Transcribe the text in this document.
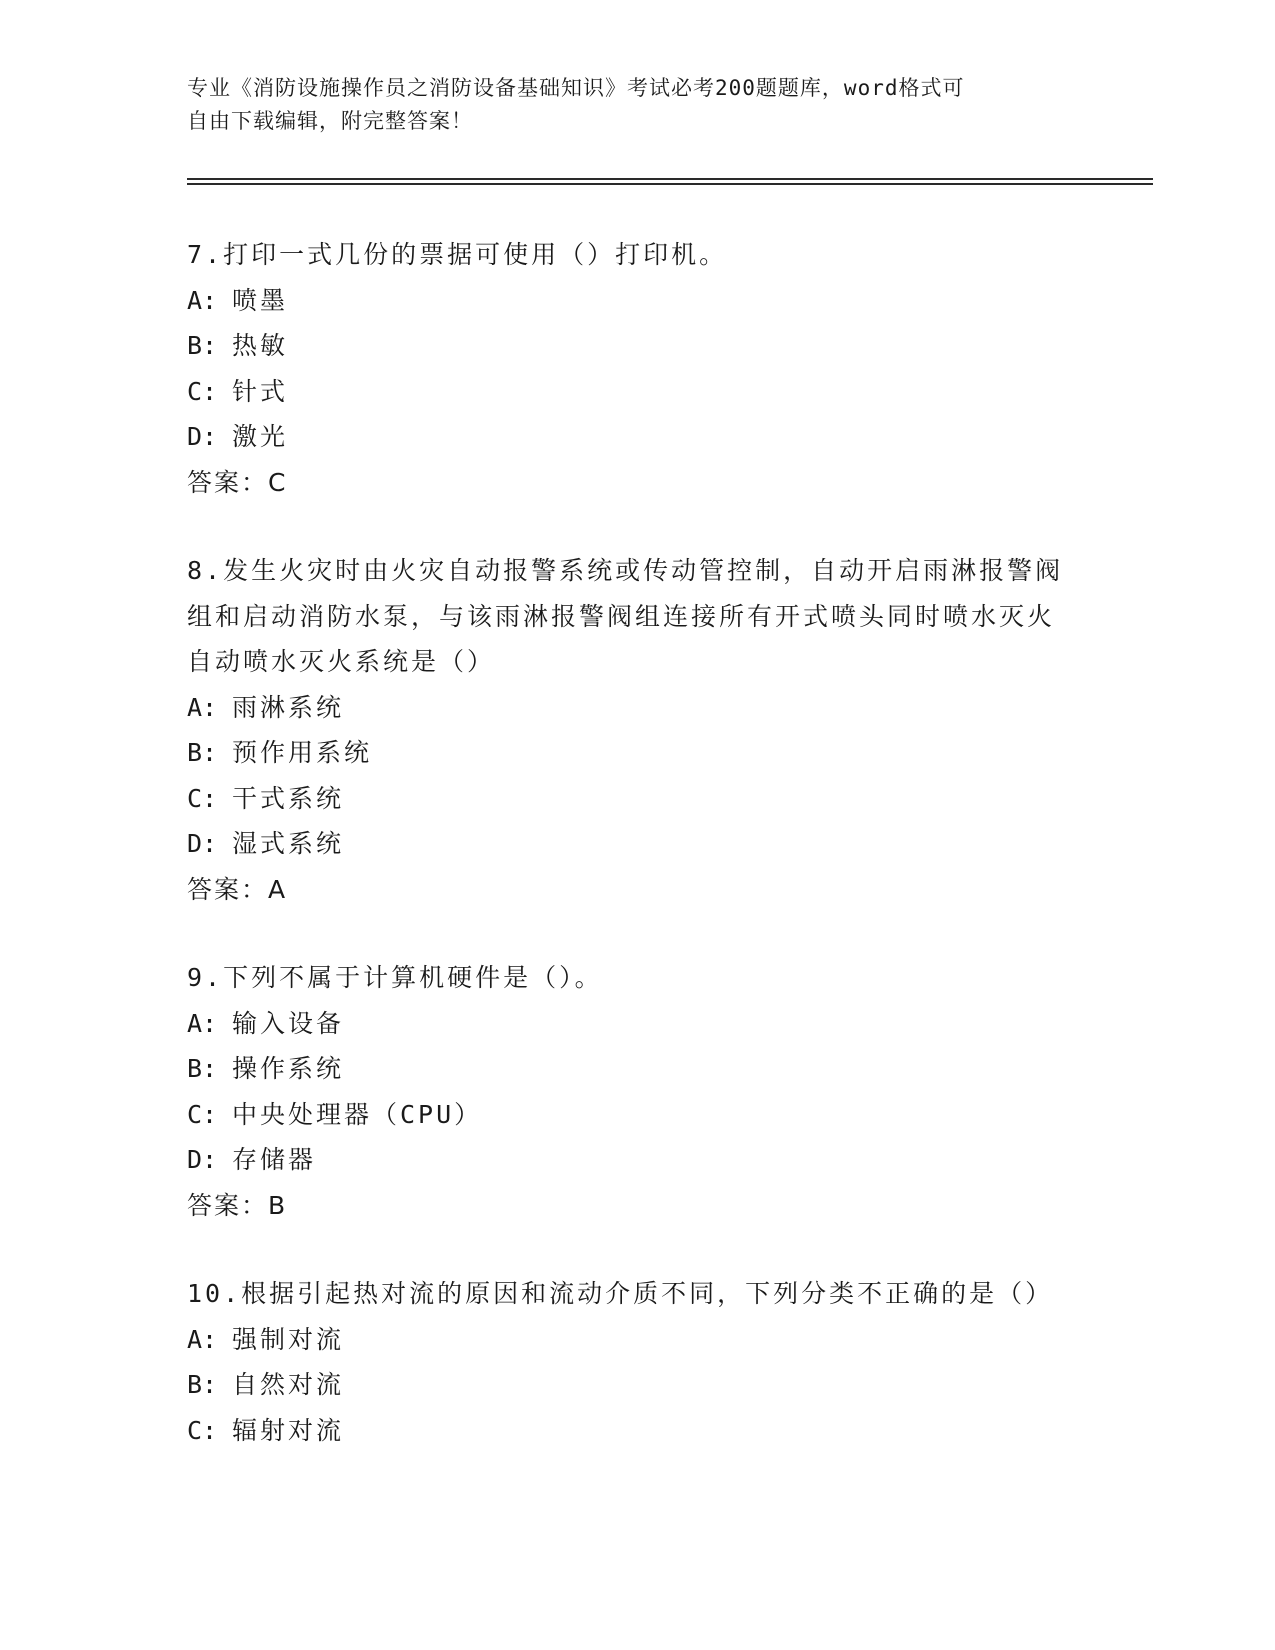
专业《消防设施操作员之消防设备基础知识》考试必考200题题库，word格式可
自由下载编辑，附完整答案！
7.打印一式几份的票据可使用（）打印机。
A: 喷墨
B: 热敏
C: 针式
D: 激光
答案：C
8.发生火灾时由火灾自动报警系统或传动管控制，自动开启雨淋报警阀组和启动消防水泵，与该雨淋报警阀组连接所有开式喷头同时喷水灭火自动喷水灭火系统是（）
A: 雨淋系统
B: 预作用系统
C: 干式系统
D: 湿式系统
答案：A
9.下列不属于计算机硬件是（）。
A: 输入设备
B: 操作系统
C: 中央处理器（CPU）
D: 存储器
答案：B
10.根据引起热对流的原因和流动介质不同，下列分类不正确的是（）
A: 强制对流
B: 自然对流
C: 辐射对流
